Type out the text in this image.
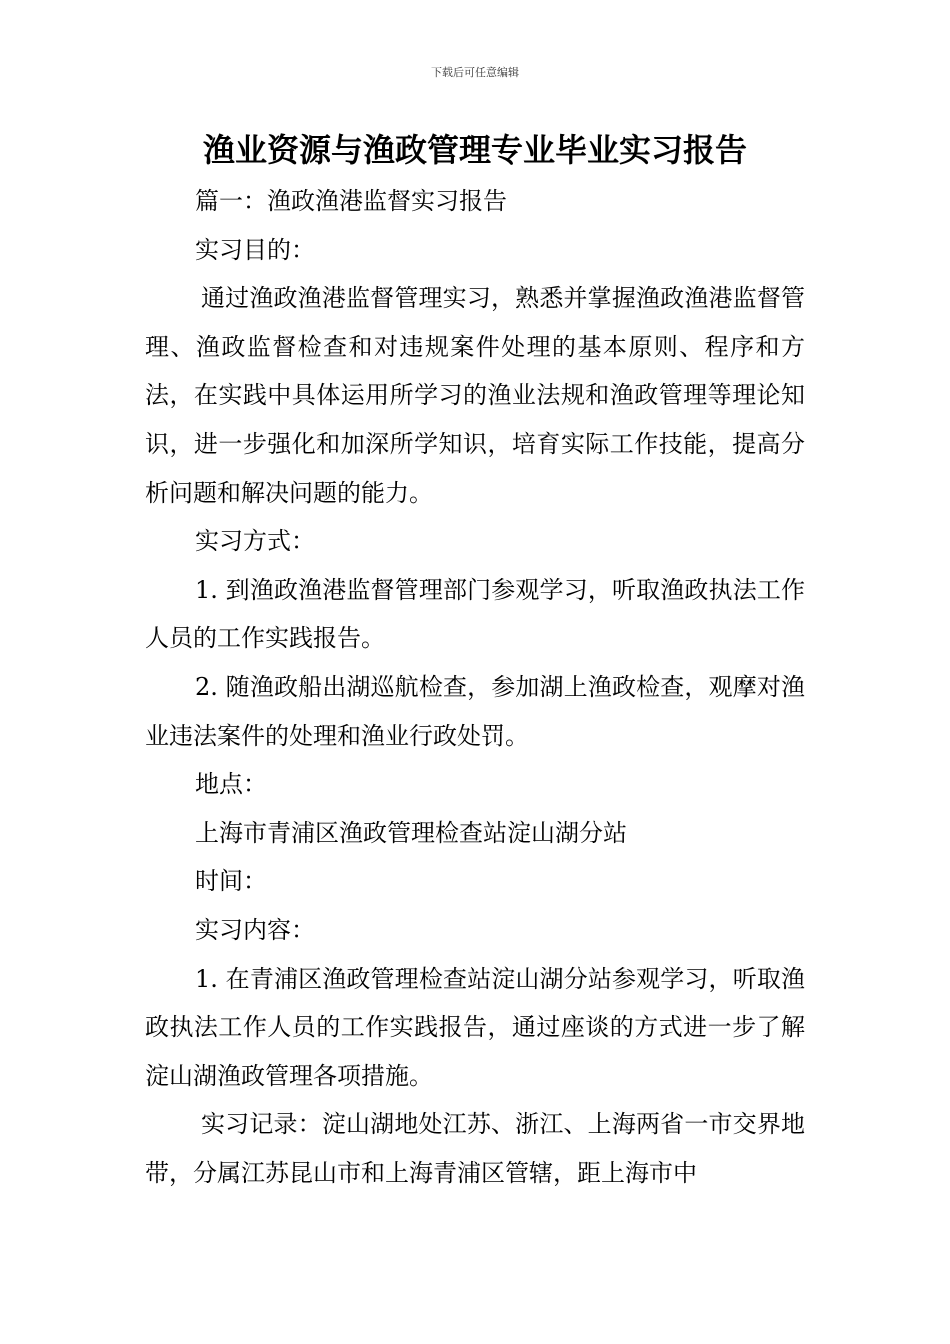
下载后可任意编辑
渔业资源与渔政管理专业毕业实习报告

篇一：渔政渔港监督实习报告

实习目的：

通过渔政渔港监督管理实习，熟悉并掌握渔政渔港监督管理、渔政监督检查和对违规案件处理的基本原则、程序和方法，在实践中具体运用所学习的渔业法规和渔政管理等理论知识，进一步强化和加深所学知识，培育实际工作技能，提高分析问题和解决问题的能力。

实习方式：

1. 到渔政渔港监督管理部门参观学习，听取渔政执法工作人员的工作实践报告。

2. 随渔政船出湖巡航检查，参加湖上渔政检查，观摩对渔业违法案件的处理和渔业行政处罚。

地点：

上海市青浦区渔政管理检查站淀山湖分站

时间：

实习内容：

1. 在青浦区渔政管理检查站淀山湖分站参观学习，听取渔政执法工作人员的工作实践报告，通过座谈的方式进一步了解淀山湖渔政管理各项措施。

实习记录：淀山湖地处江苏、浙江、上海两省一市交界地带，分属江苏昆山市和上海青浦区管辖，距上海市中
